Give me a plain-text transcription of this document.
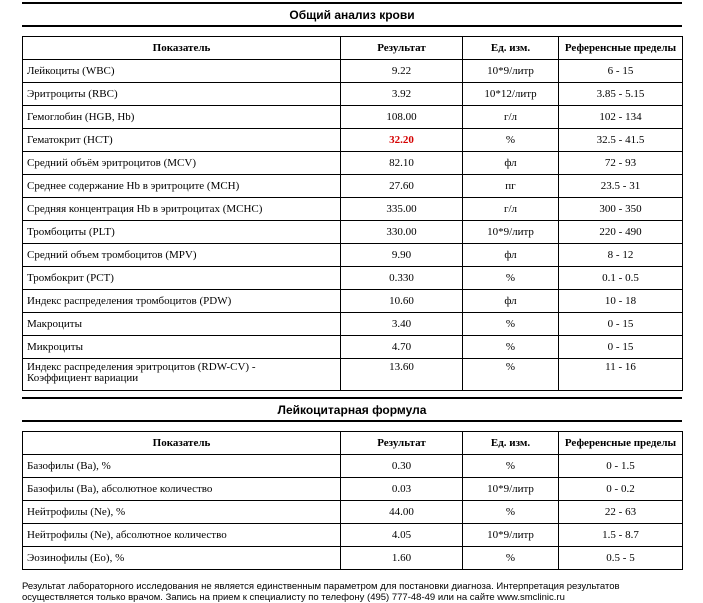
Общий анализ крови
Показатель	Результат	Ед. изм.	Референсные пределы
Лейкоциты (WBC)	9.22	10*9/литр	6 - 15
Эритроциты (RBC)	3.92	10*12/литр	3.85 - 5.15
Гемоглобин (HGB, Hb)	108.00	г/л	102 - 134
Гематокрит (HCT)	32.20	%	32.5 - 41.5
Средний объём эритроцитов (MCV)	82.10	фл	72 - 93
Среднее содержание Hb в эритроците (MCH)	27.60	пг	23.5 - 31
Средняя концентрация Hb в эритроцитах (MCHC)	335.00	г/л	300 - 350
Тромбоциты (PLT)	330.00	10*9/литр	220 - 490
Средний объем тромбоцитов (MPV)	9.90	фл	8 - 12
Тромбокрит (PCT)	0.330	%	0.1 - 0.5
Индекс распределения тромбоцитов (PDW)	10.60	фл	10 - 18
Макроциты	3.40	%	0 - 15
Микроциты	4.70	%	0 - 15

Индекс распределения эритроцитов (RDW-CV) -
Коэффициент вариации	13.60	%	11 - 16
Лейкоцитарная формула
Показатель	Результат	Ед. изм.	Референсные пределы
Базофилы (Ba), %	0.30	%	0 - 1.5
Базофилы (Ba), абсолютное количество	0.03	10*9/литр	0 - 0.2
Нейтрофилы (Ne), %	44.00	%	22 - 63
Нейтрофилы (Ne), абсолютное количество	4.05	10*9/литр	1.5 - 8.7
Эозинофилы (Eo), %	1.60	%	0.5 - 5
Результат лабораторного исследования не является единственным параметром для постановки диагноза. Интерпретация результатов
осуществляется только врачом. Запись на прием к специалисту по телефону (495) 777-48-49 или на сайте www.smclinic.ru
